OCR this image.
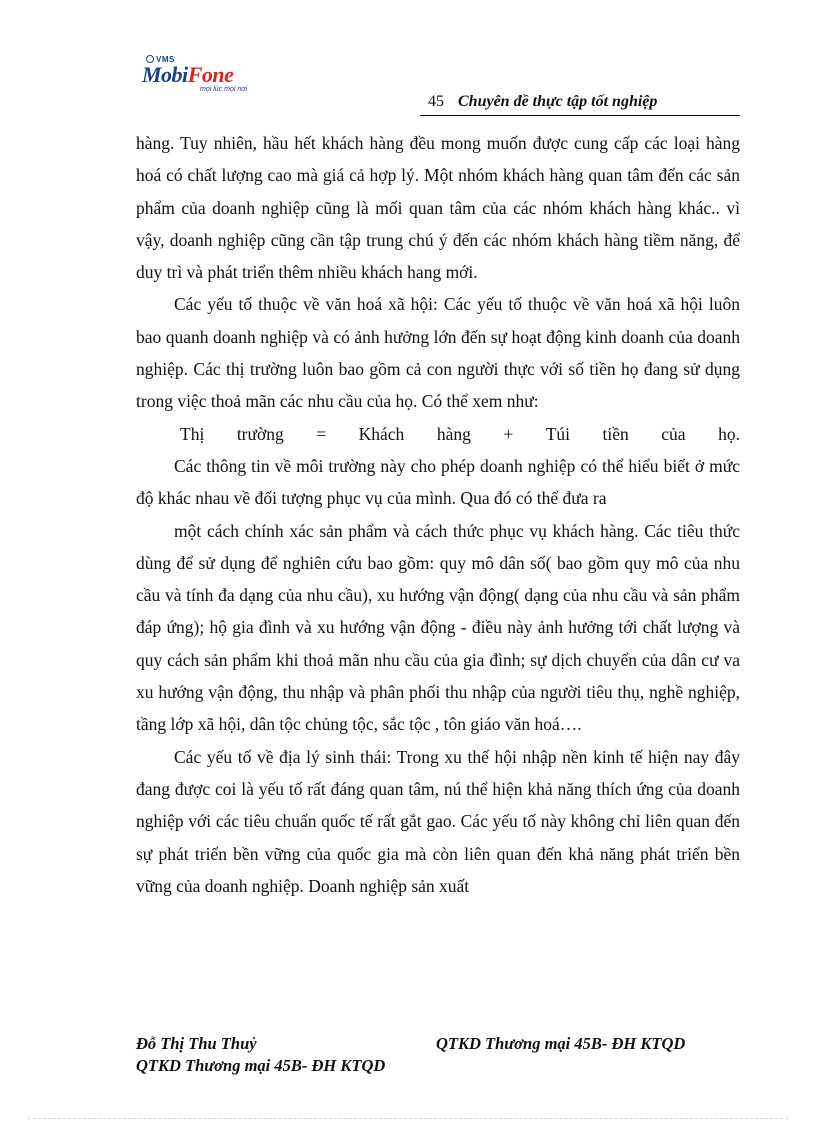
VMS
MobiFone
mọi lúc mọi nơi
45 Chuyên đề thực tập tốt nghiệp

hàng. Tuy nhiên, hầu hết khách hàng đều mong muốn được cung cấp các loại hàng hoá có chất lượng cao mà giá cả hợp lý. Một nhóm khách hàng quan tâm đến các sản phẩm của doanh nghiệp cũng là mối quan tâm của các nhóm khách hàng khác.. vì vậy, doanh nghiệp cũng cần tập trung chú ý đến các nhóm khách hàng tiềm năng, để duy trì và phát triển thêm nhiều khách hang mới.

Các yếu tố thuộc về văn hoá xã hội: Các yếu tố thuộc về văn hoá xã hội luôn bao quanh doanh nghiệp và có ảnh hưởng lớn đến sự hoạt động kinh doanh của doanh nghiệp. Các thị trường luôn bao gồm cả con người thực với số tiền họ đang sử dụng trong việc thoả mãn các nhu cầu của họ. Có thể xem như:

Thị trường = Khách hàng + Túi tiền của họ.

Các thông tin về môi trường này cho phép doanh nghiệp có thể hiểu biết ở mức độ khác nhau về đối tượng phục vụ của mình. Qua đó có thể đưa ra

một cách chính xác sản phẩm và cách thức phục vụ khách hàng. Các tiêu thức dùng để sử dụng để nghiên cứu bao gồm: quy mô dân số( bao gồm quy mô của nhu cầu và tính đa dạng của nhu cầu), xu hướng vận động( dạng của nhu cầu và sản phẩm đáp ứng); hộ gia đình và xu hướng vận động - điều này ảnh hưởng tới chất lượng và quy cách sản phẩm khi thoả mãn nhu cầu của gia đình; sự dịch chuyển của dân cư va xu hướng vận động, thu nhập và phân phối thu nhập của người tiêu thụ, nghề nghiệp, tầng lớp xã hội, dân tộc chủng tộc, sắc tộc , tôn giáo văn hoá….

Các yếu tố về địa lý sinh thái: Trong xu thế hội nhập nền kinh tế hiện nay đây đang được coi là yếu tố rất đáng quan tâm, nú thể hiện khả năng thích ứng của doanh nghiệp với các tiêu chuẩn quốc tế rất gắt gao. Các yếu tố này không chỉ liên quan đến sự phát triển bền vững của quốc gia mà còn liên quan đến khả năng phát triển bền vững của doanh nghiệp. Doanh nghiệp sản xuất

Đỗ Thị Thu Thuỷ	QTKD Thương mại 45B- ĐH KTQD
QTKD Thương mại 45B- ĐH KTQD
